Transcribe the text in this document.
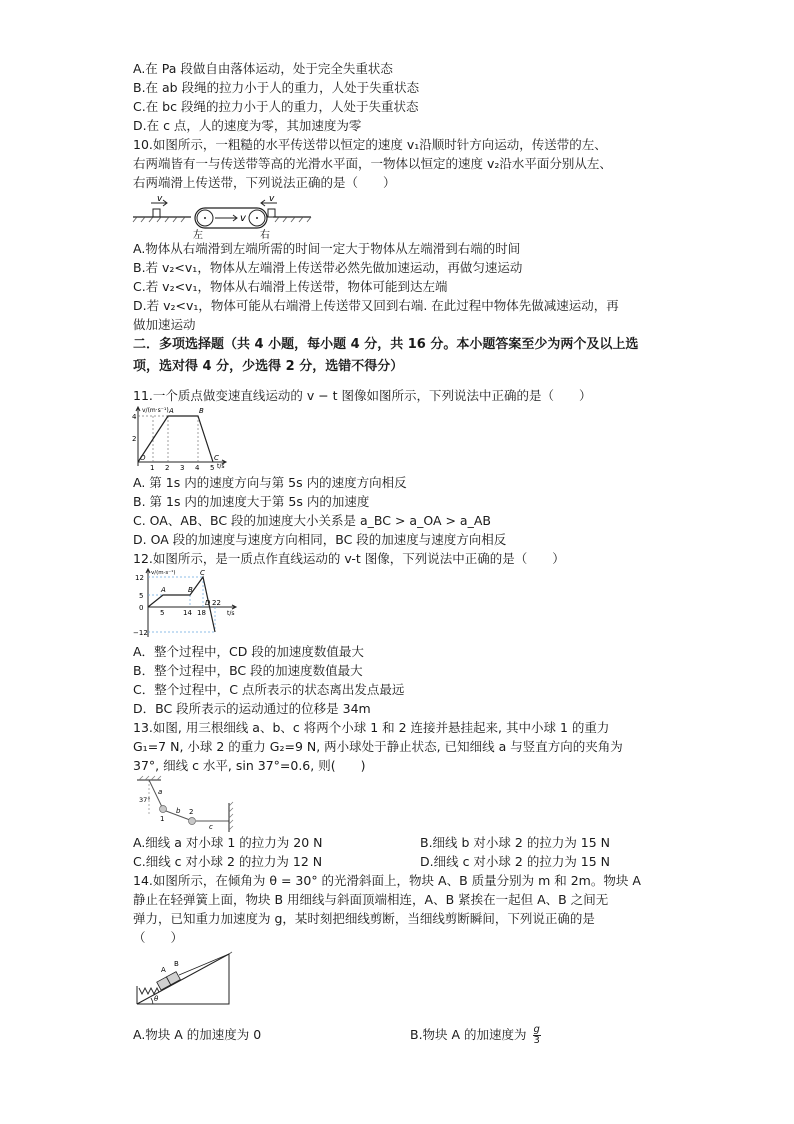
A.在 Pa 段做自由落体运动，处于完全失重状态
B.在 ab 段绳的拉力小于人的重力，人处于失重状态
C.在 bc 段绳的拉力小于人的重力，人处于失重状态
D.在 c 点，人的速度为零，其加速度为零
10.如图所示，一粗糙的水平传送带以恒定的速度 v₁沿顺时针方向运动，传送带的左、
右两端皆有一与传送带等高的光滑水平面，一物体以恒定的速度 v₂沿水平面分别从左、
右两端滑上传送带，下列说法正确的是（　　）
v	v
v
左	右
A.物体从右端滑到左端所需的时间一定大于物体从左端滑到右端的时间
B.若 v₂<v₁，物体从左端滑上传送带必然先做加速运动，再做匀速运动
C.若 v₂<v₁，物体从右端滑上传送带，物体可能到达左端
D.若 v₂<v₁，物体可能从右端滑上传送带又回到右端. 在此过程中物体先做减速运动，再
做加速运动
二．多项选择题（共 4 小题，每小题 4 分，共 16 分。本小题答案至少为两个及以上选
项，选对得 4 分，少选得 2 分，选错不得分）
11.一个质点做变速直线运动的 v − t 图像如图所示，下列说法中正确的是（　　）
v/(m·s⁻¹)
t/s
4
2
O
A	B
C
1 2 3 4 5
A. 第 1s 内的速度方向与第 5s 内的速度方向相反
B. 第 1s 内的加速度大于第 5s 内的加速度
C. OA、AB、BC 段的加速度大小关系是 a_BC > a_OA > a_AB
D. OA 段的加速度与速度方向相同，BC 段的加速度与速度方向相反
12.如图所示，是一质点作直线运动的 v-t 图像，下列说法中正确的是（　　）
v/(m·s⁻¹)
t/s
12
5
0
−12
A	B
C
D
5	14 18
22
A．整个过程中，CD 段的加速度数值最大
B．整个过程中，BC 段的加速度数值最大
C．整个过程中，C 点所表示的状态离出发点最远
D．BC 段所表示的运动通过的位移是 34m
13.如图, 用三根细线 a、b、c 将两个小球 1 和 2 连接并悬挂起来, 其中小球 1 的重力
G₁=7 N, 小球 2 的重力 G₂=9 N, 两小球处于静止状态, 已知细线 a 与竖直方向的夹角为
37°, 细线 c 水平, sin 37°=0.6, 则(　　)
37°
a
1
b 2
c
A.细线 a 对小球 1 的拉力为 20 N	B.细线 b 对小球 2 的拉力为 15 N
C.细线 c 对小球 2 的拉力为 12 N	D.细线 c 对小球 2 的拉力为 15 N
14.如图所示，在倾角为 θ = 30° 的光滑斜面上，物块 A、B 质量分别为 m 和 2m。物块 A
静止在轻弹簧上面，物块 B 用细线与斜面顶端相连，A、B 紧挨在一起但 A、B 之间无
弹力，已知重力加速度为 g，某时刻把细线剪断，当细线剪断瞬间，下列说正确的是
（　　）
A
B
θ
A.物块 A 的加速度为 0	B.物块 A 的加速度为 $\frac{g}{3}$
